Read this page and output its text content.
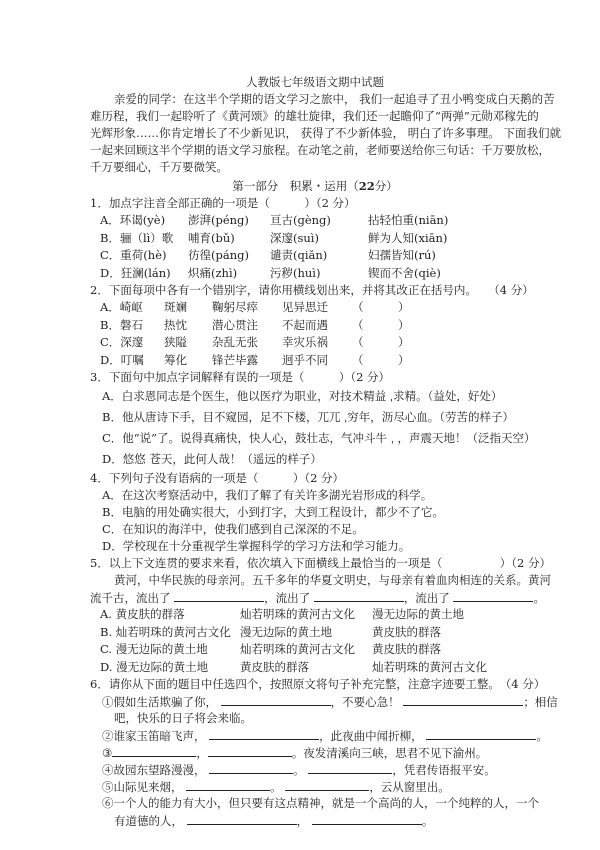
人教版七年级语文期中试题
亲爱的同学：在这半个学期的语文学习之旅中， 我们一起追寻了丑小鸭变成白天鹅的苦
难历程，我们一起聆听了《黄河颂》的雄壮旋律，我们还一起瞻仰了“两弹”元勋邓稼先的
光辉形象……你肯定增长了不少新见识， 获得了不少新体验， 明白了许多事理。 下面我们就
一起来回顾这半个学期的语文学习旅程。在动笔之前，老师要送给你三句话：千万要放松，
千万要细心，千万要微笑。
第一部分　积累・运用（22分）
1．加点字注音全部正确的一项是（　　　）（2 分）
A．环谒(yè)	澎湃(péng)	亘古(gèng)	拈轻怕重(niān)
B．骊（lì）歌	哺育(bǔ)	深邃(suì)	鲜为人知(xiān)
C．重荷(hè)	彷徨(páng)	谴责(qiǎn)	妇孺皆知(rú)
D．狂澜(lán)	炽痛(zhì)	污秽(huì)	锲而不舍(qiè)
2．下面每项中各有一个错别字，请你用横线划出来，并将其改正在括号内。　　（4 分）
A．崎岖	斑斓	鞠躬尽瘁	见异思迁	（　　　）
B．磐石	热忱	潜心贯注	不起而遇	（　　　）
C．深邃	狭隘	杂乱无张	幸灾乐祸	（　　　）
D．叮嘱	筹化	锋芒毕露	迥乎不同	（　　　）
3．下面句中加点字词解释有误的一项是（　　　）（2 分）
A．白求恩同志是个医生，他以医疗为职业，对技术精益 ˌ求精。（益处，好处）
B．他从唐诗下手，目不窥园，足不下楼，兀兀 ˌ穷年，沥尽心血。（劳苦的样子）
C．他“说”了。说得真痛快，快人心，鼓壮志，气冲斗牛 ˌ ，声震天地！（泛指天空）
D．悠悠 苍天，此何人哉！（遥远的样子）
4．下列句子没有语病的一项是（　　　）（2 分）
A．在这次考察活动中，我们了解了有关许多湖光岩形成的科学。
B．电脑的用处确实很大，小到打字，大到工程设计，都少不了它。
C．在知识的海洋中，使我们感到自己深深的不足。
D．学校现在十分重视学生掌握科学的学习方法和学习能力。
5．以上下文连贯的要求来看，依次填入下面横线上最恰当的一项是（　　　　　）（2 分）
黄河，中华民族的母亲河。五千多年的华夏文明史，与母亲有着血肉相连的关系。黄河
流千古，流出了	，流出了	，流出了	。
A. 黄皮肤的群落	灿若明珠的黄河古文化	漫无边际的黄土地
B. 灿若明珠的黄河古文化 漫无边际的黄土地	黄皮肤的群落
C. 漫无边际的黄土地	灿若明珠的黄河古文化	黄皮肤的群落
D. 漫无边际的黄土地	黄皮肤的群落	灿若明珠的黄河古文化
6．请你从下面的题目中任选四个，按照原文将句子补充完整，注意字迹要工整。　（4 分）
①假如生活欺骗了你，	，不要心急！	；相信
吧，快乐的日子将会来临。
②谁家玉笛暗飞声，	，此夜曲中闻折柳，	。
③	，	。夜发清溪向三峡，思君不见下渝州。
④故园东望路漫漫，	。	，凭君传语报平安。
⑤山际见来烟，	。	，云从窗里出。
⑥一个人的能力有大小，但只要有这点精神，就是一个高尚的人，一个纯粹的人，一个
有道德的人，	，	。
